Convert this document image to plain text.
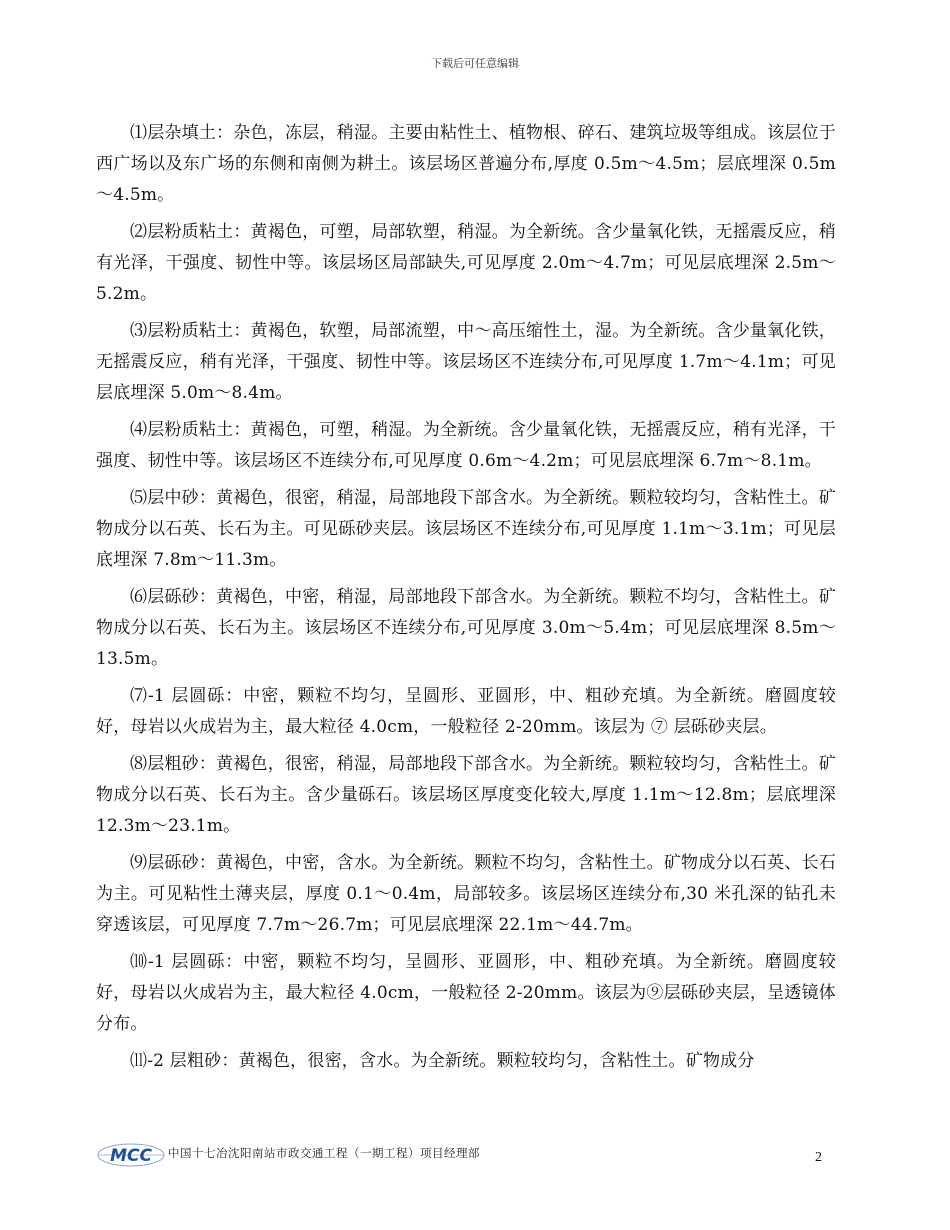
下载后可任意编辑

⑴层杂填土：杂色，冻层，稍湿。主要由粘性土、植物根、碎石、建筑垃圾等组成。该层位于西广场以及东广场的东侧和南侧为耕土。该层场区普遍分布,厚度 0.5m～4.5m；层底埋深 0.5m～4.5m。

⑵层粉质粘土：黄褐色，可塑，局部软塑，稍湿。为全新统。含少量氧化铁，无摇震反应，稍有光泽，干强度、韧性中等。该层场区局部缺失,可见厚度 2.0m～4.7m；可见层底埋深 2.5m～5.2m。

⑶层粉质粘土：黄褐色，软塑，局部流塑，中～高压缩性土，湿。为全新统。含少量氧化铁，无摇震反应，稍有光泽，干强度、韧性中等。该层场区不连续分布,可见厚度 1.7m～4.1m；可见层底埋深 5.0m～8.4m。

⑷层粉质粘土：黄褐色，可塑，稍湿。为全新统。含少量氧化铁，无摇震反应，稍有光泽，干强度、韧性中等。该层场区不连续分布,可见厚度 0.6m～4.2m；可见层底埋深 6.7m～8.1m。

⑸层中砂：黄褐色，很密，稍湿，局部地段下部含水。为全新统。颗粒较均匀，含粘性土。矿物成分以石英、长石为主。可见砾砂夹层。该层场区不连续分布,可见厚度 1.1m～3.1m；可见层底埋深 7.8m～11.3m。

⑹层砾砂：黄褐色，中密，稍湿，局部地段下部含水。为全新统。颗粒不均匀，含粘性土。矿物成分以石英、长石为主。该层场区不连续分布,可见厚度 3.0m～5.4m；可见层底埋深 8.5m～13.5m。

⑺-1 层圆砾：中密，颗粒不均匀，呈圆形、亚圆形，中、粗砂充填。为全新统。磨圆度较好，母岩以火成岩为主，最大粒径 4.0cm，一般粒径 2-20mm。该层为 ⑦ 层砾砂夹层。

⑻层粗砂：黄褐色，很密，稍湿，局部地段下部含水。为全新统。颗粒较均匀，含粘性土。矿物成分以石英、长石为主。含少量砾石。该层场区厚度变化较大,厚度 1.1m～12.8m；层底埋深 12.3m～23.1m。

⑼层砾砂：黄褐色，中密，含水。为全新统。颗粒不均匀，含粘性土。矿物成分以石英、长石为主。可见粘性土薄夹层，厚度 0.1～0.4m，局部较多。该层场区连续分布,30 米孔深的钻孔未穿透该层，可见厚度 7.7m～26.7m；可见层底埋深 22.1m～44.7m。

⑽-1 层圆砾：中密，颗粒不均匀，呈圆形、亚圆形，中、粗砂充填。为全新统。磨圆度较好，母岩以火成岩为主，最大粒径 4.0cm，一般粒径 2-20mm。该层为⑨层砾砂夹层，呈透镜体分布。

⑾-2 层粗砂：黄褐色，很密，含水。为全新统。颗粒较均匀，含粘性土。矿物成分

MCC 中国十七冶沈阳南站市政交通工程（一期工程）项目经理部	2
